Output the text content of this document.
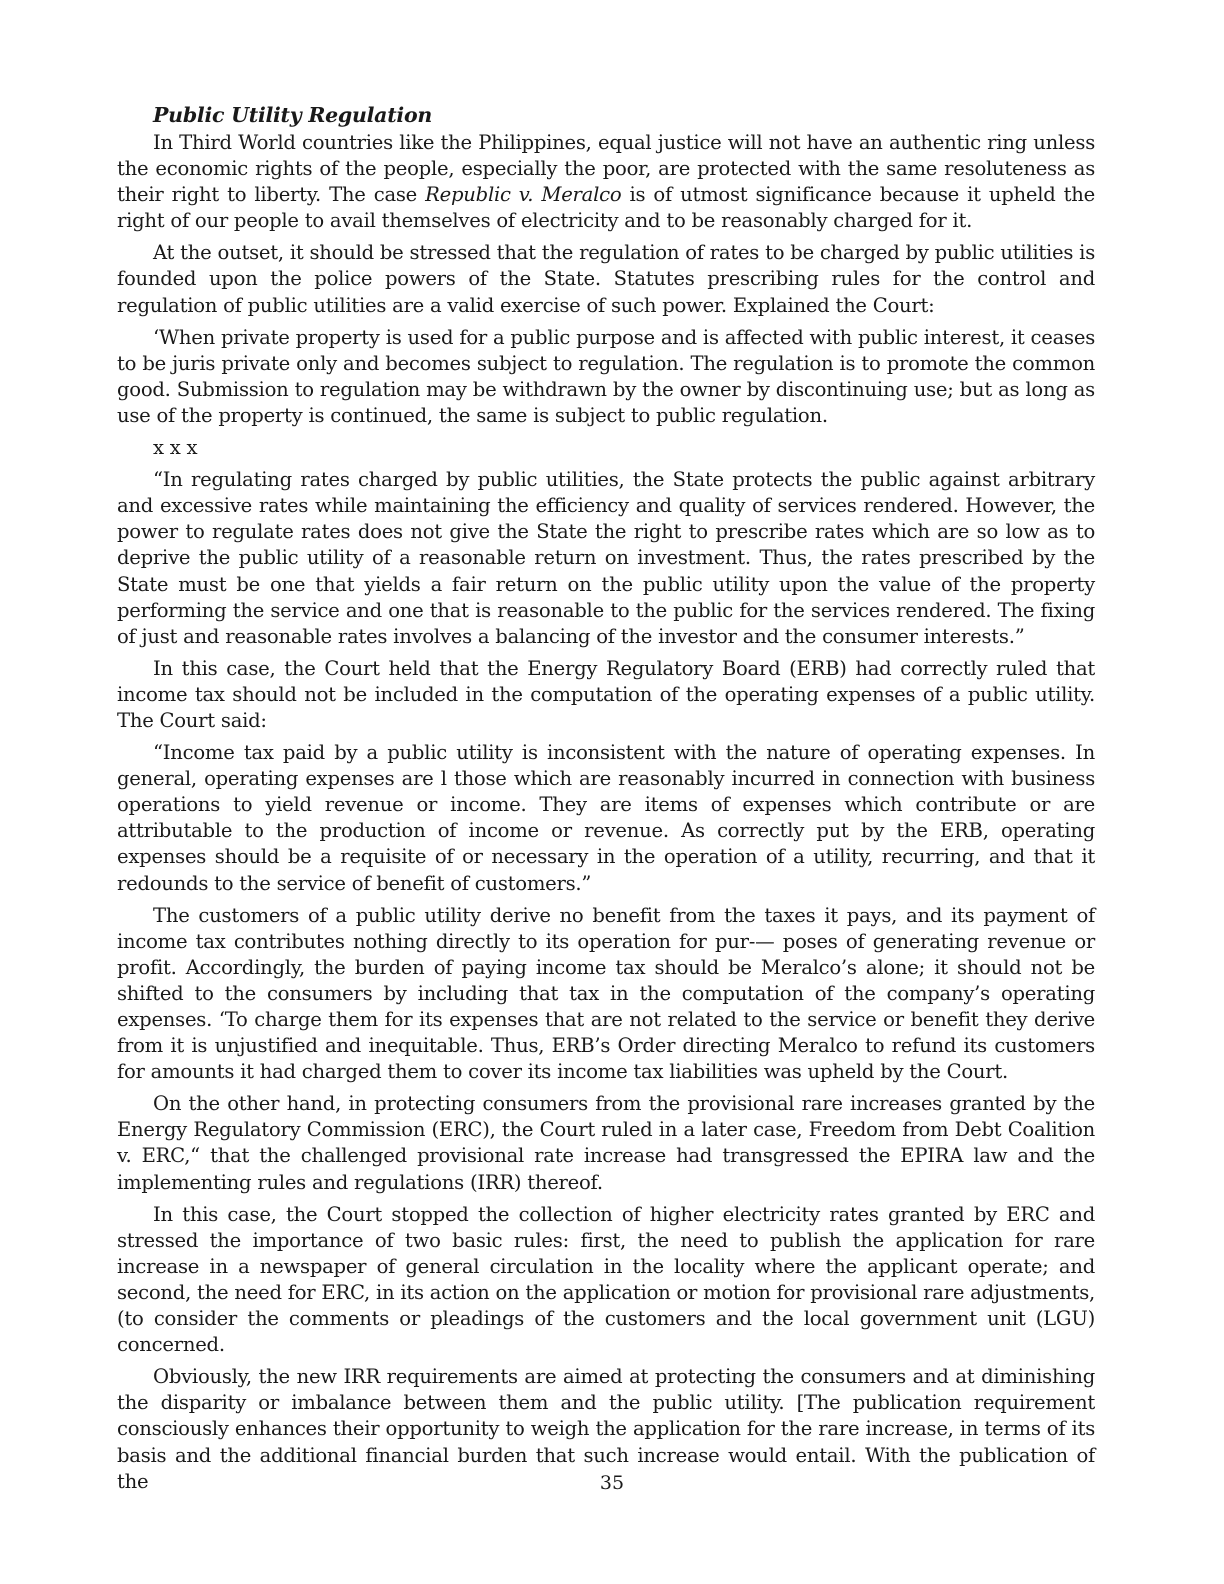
Public Utility Regulation

In Third World countries like the Philippines, equal justice will not have an authentic ring unless the economic rights of the people, especially the poor, are protected with the same resoluteness as their right to liberty. The case Republic v. Meralco is of utmost significance because it upheld the right of our people to avail themselves of electricity and to be reasonably charged for it.

At the outset, it should be stressed that the regulation of rates to be charged by public utilities is founded upon the police powers of the State. Statutes prescribing rules for the control and regulation of public utilities are a valid exercise of such power. Explained the Court:

‘When private property is used for a public purpose and is affected with public interest, it ceases to be juris private only and becomes subject to regulation. The regulation is to promote the common good. Submission to regulation may be withdrawn by the owner by discontinuing use; but as long as use of the property is continued, the same is subject to public regulation.

x x x

“In regulating rates charged by public utilities, the State protects the public against arbitrary and excessive rates while maintaining the efficiency and quality of services rendered. However, the power to regulate rates does not give the State the right to prescribe rates which are so low as to deprive the public utility of a reasonable return on investment. Thus, the rates prescribed by the State must be one that yields a fair return on the public utility upon the value of the property performing the service and one that is reasonable to the public for the services rendered. The fixing of just and reasonable rates involves a balancing of the investor and the consumer interests.”

In this case, the Court held that the Energy Regulatory Board (ERB) had correctly ruled that income tax should not be included in the computation of the operating expenses of a public utility. The Court said:

“Income tax paid by a public utility is inconsistent with the nature of operating expenses. In general, operating expenses are l those which are reasonably incurred in connection with business operations to yield revenue or income. They are items of expenses which contribute or are attributable to the production of income or revenue. As correctly put by the ERB, operating expenses should be a requisite of or necessary in the operation of a utility, recurring, and that it redounds to the service of benefit of customers.”

The customers of a public utility derive no benefit from the taxes it pays, and its payment of income tax contributes nothing directly to its operation for pur-— poses of generating revenue or profit. Accordingly, the burden of paying income tax should be Meralco’s alone; it should not be shifted to the consumers by including that tax in the computation of the company’s operating expenses. ‘To charge them for its expenses that are not related to the service or benefit they derive from it is unjustified and inequitable. Thus, ERB’s Order directing Meralco to refund its customers for amounts it had charged them to cover its income tax liabilities was upheld by the Court.

On the other hand, in protecting consumers from the provisional rare increases granted by the Energy Regulatory Commission (ERC), the Court ruled in a later case, Freedom from Debt Coalition v. ERC,“ that the challenged provisional rate increase had transgressed the EPIRA law and the implementing rules and regulations (IRR) thereof.

In this case, the Court stopped the collection of higher electricity rates granted by ERC and stressed the importance of two basic rules: first, the need to publish the application for rare increase in a newspaper of general circulation in the locality where the applicant operate; and second, the need for ERC, in its action on the application or motion for provisional rare adjustments, (to consider the comments or pleadings of the customers and the local government unit (LGU) concerned.

Obviously, the new IRR requirements are aimed at protecting the consumers and at diminishing the disparity or imbalance between them and the public utility. [The publication requirement consciously enhances their opportunity to weigh the application for the rare increase, in terms of its basis and the additional financial burden that such increase would entail. With the publication of the	35
